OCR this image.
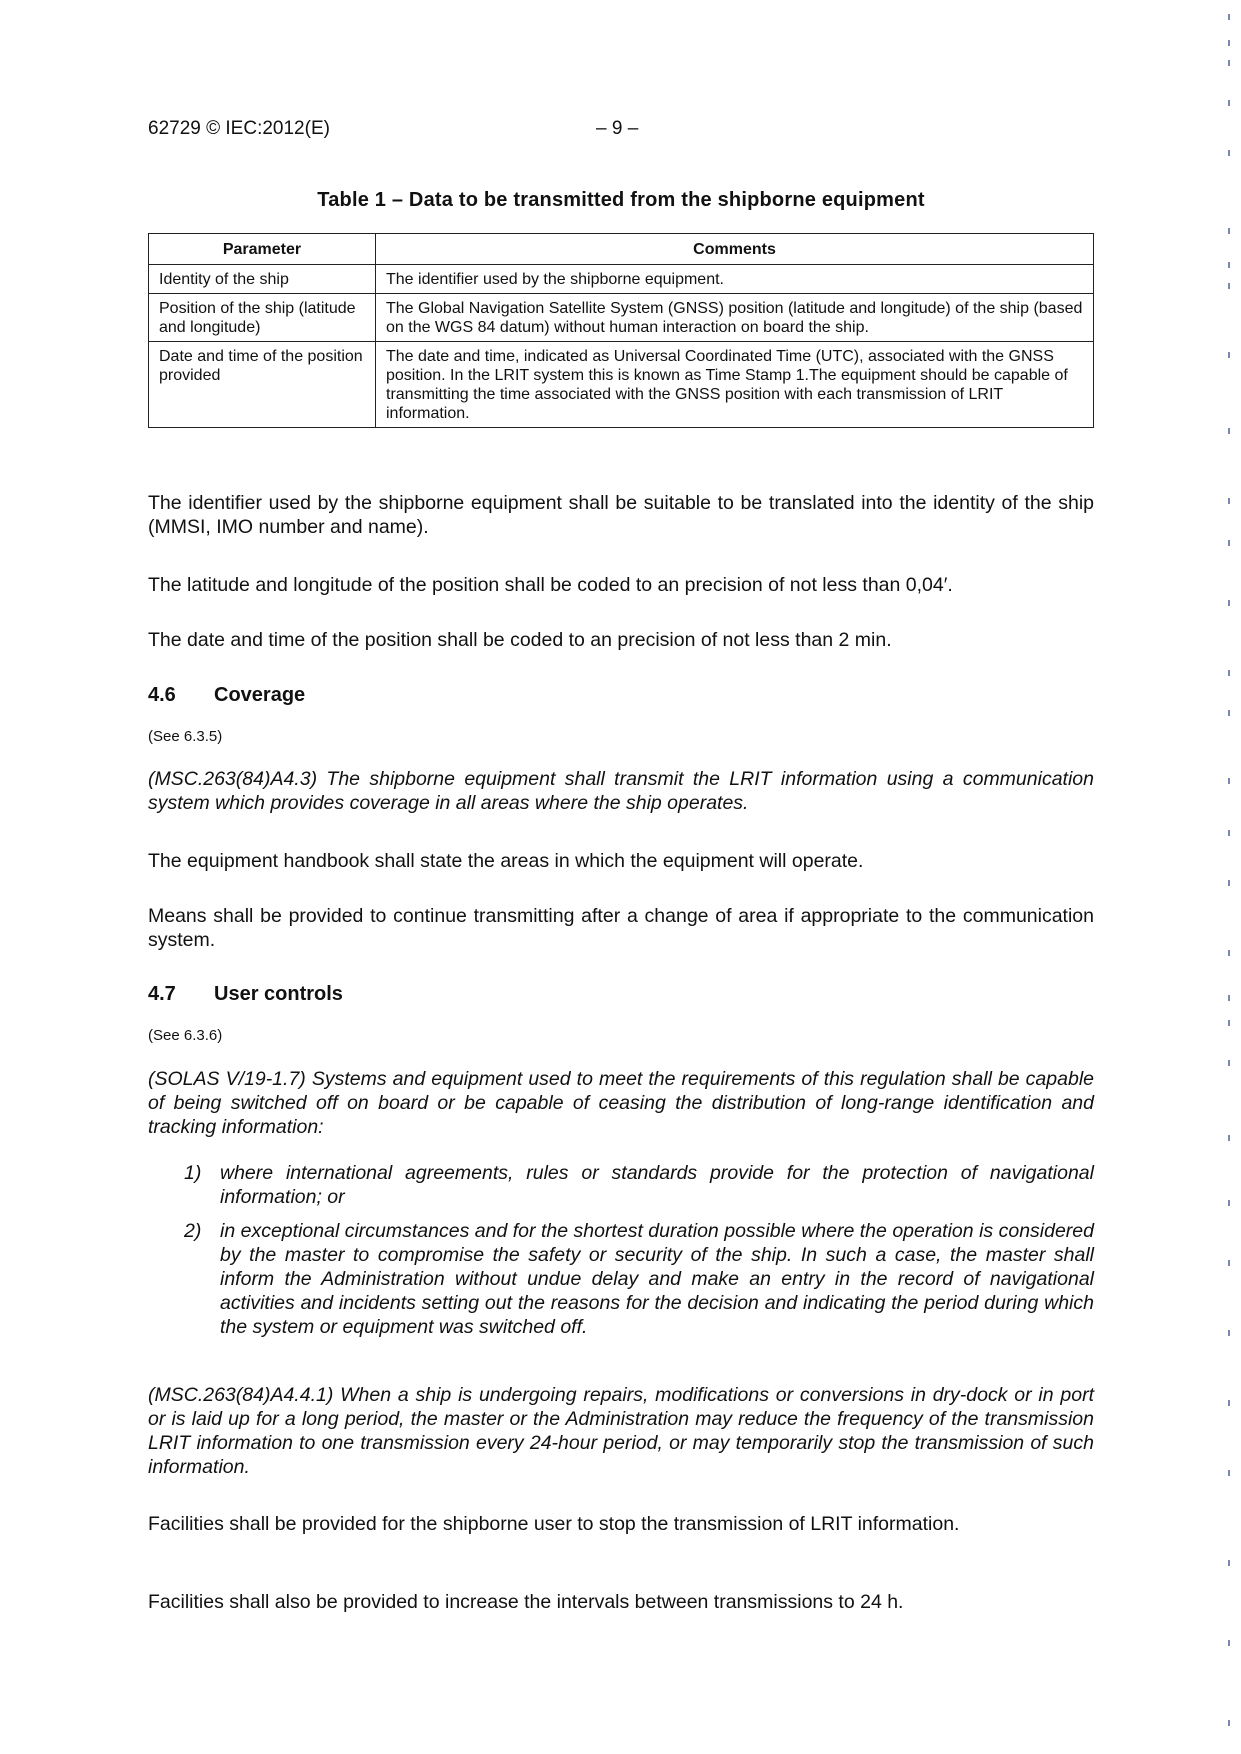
62729 © IEC:2012(E)	– 9 –
Table 1 – Data to be transmitted from the shipborne equipment
Parameter	Comments
Identity of the ship	The identifier used by the shipborne equipment.
Position of the ship (latitude and longitude)	The Global Navigation Satellite System (GNSS) position (latitude and longitude) of the ship (based on the WGS 84 datum) without human interaction on board the ship.
Date and time of the position provided	The date and time, indicated as Universal Coordinated Time (UTC), associated with the GNSS position. In the LRIT system this is known as Time Stamp 1.The equipment should be capable of transmitting the time associated with the GNSS position with each transmission of LRIT information.
The identifier used by the shipborne equipment shall be suitable to be translated into the identity of the ship (MMSI, IMO number and name).
The latitude and longitude of the position shall be coded to an precision of not less than 0,04′.
The date and time of the position shall be coded to an precision of not less than 2 min.
4.6 Coverage
(See 6.3.5)
(MSC.263(84)A4.3) The shipborne equipment shall transmit the LRIT information using a communication system which provides coverage in all areas where the ship operates.
The equipment handbook shall state the areas in which the equipment will operate.
Means shall be provided to continue transmitting after a change of area if appropriate to the communication system.
4.7 User controls
(See 6.3.6)
(SOLAS V/19-1.7) Systems and equipment used to meet the requirements of this regulation shall be capable of being switched off on board or be capable of ceasing the distribution of long-range identification and tracking information:
1) where international agreements, rules or standards provide for the protection of navigational information; or
2) in exceptional circumstances and for the shortest duration possible where the operation is considered by the master to compromise the safety or security of the ship. In such a case, the master shall inform the Administration without undue delay and make an entry in the record of navigational activities and incidents setting out the reasons for the decision and indicating the period during which the system or equipment was switched off.
(MSC.263(84)A4.4.1) When a ship is undergoing repairs, modifications or conversions in dry-dock or in port or is laid up for a long period, the master or the Administration may reduce the frequency of the transmission LRIT information to one transmission every 24-hour period, or may temporarily stop the transmission of such information.
Facilities shall be provided for the shipborne user to stop the transmission of LRIT information.
Facilities shall also be provided to increase the intervals between transmissions to 24 h.
